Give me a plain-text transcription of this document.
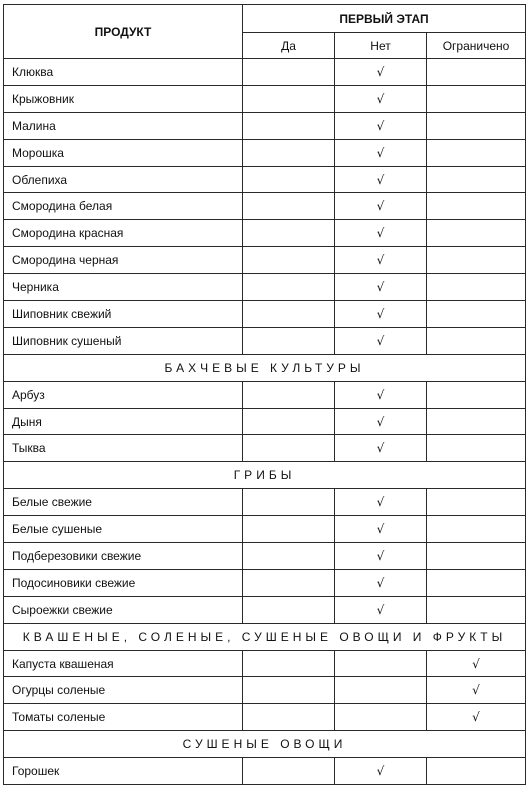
ПРОДУКТ	ПЕРВЫЙ ЭТАП		
	Да	Нет	Ограничено
Клюква		√	
Крыжовник		√	
Малина		√	
Морошка		√	
Облепиха		√	
Смородина белая		√	
Смородина красная		√	
Смородина черная		√	
Черника		√	
Шиповник свежий		√	
Шиповник сушеный		√	
БАХЧЕВЫЕ КУЛЬТУРЫ			
Арбуз		√	
Дыня		√	
Тыква		√	
ГРИБЫ			
Белые свежие		√	
Белые сушеные		√	
Подберезовики свежие		√	
Подосиновики свежие		√	
Сыроежки свежие		√	
КВАШЕНЫЕ, СОЛЕНЫЕ, СУШЕНЫЕ ОВОЩИ И ФРУКТЫ			
Капуста квашеная			√
Огурцы соленые			√
Томаты соленые			√
СУШЕНЫЕ ОВОЩИ			
Горошек		√	
